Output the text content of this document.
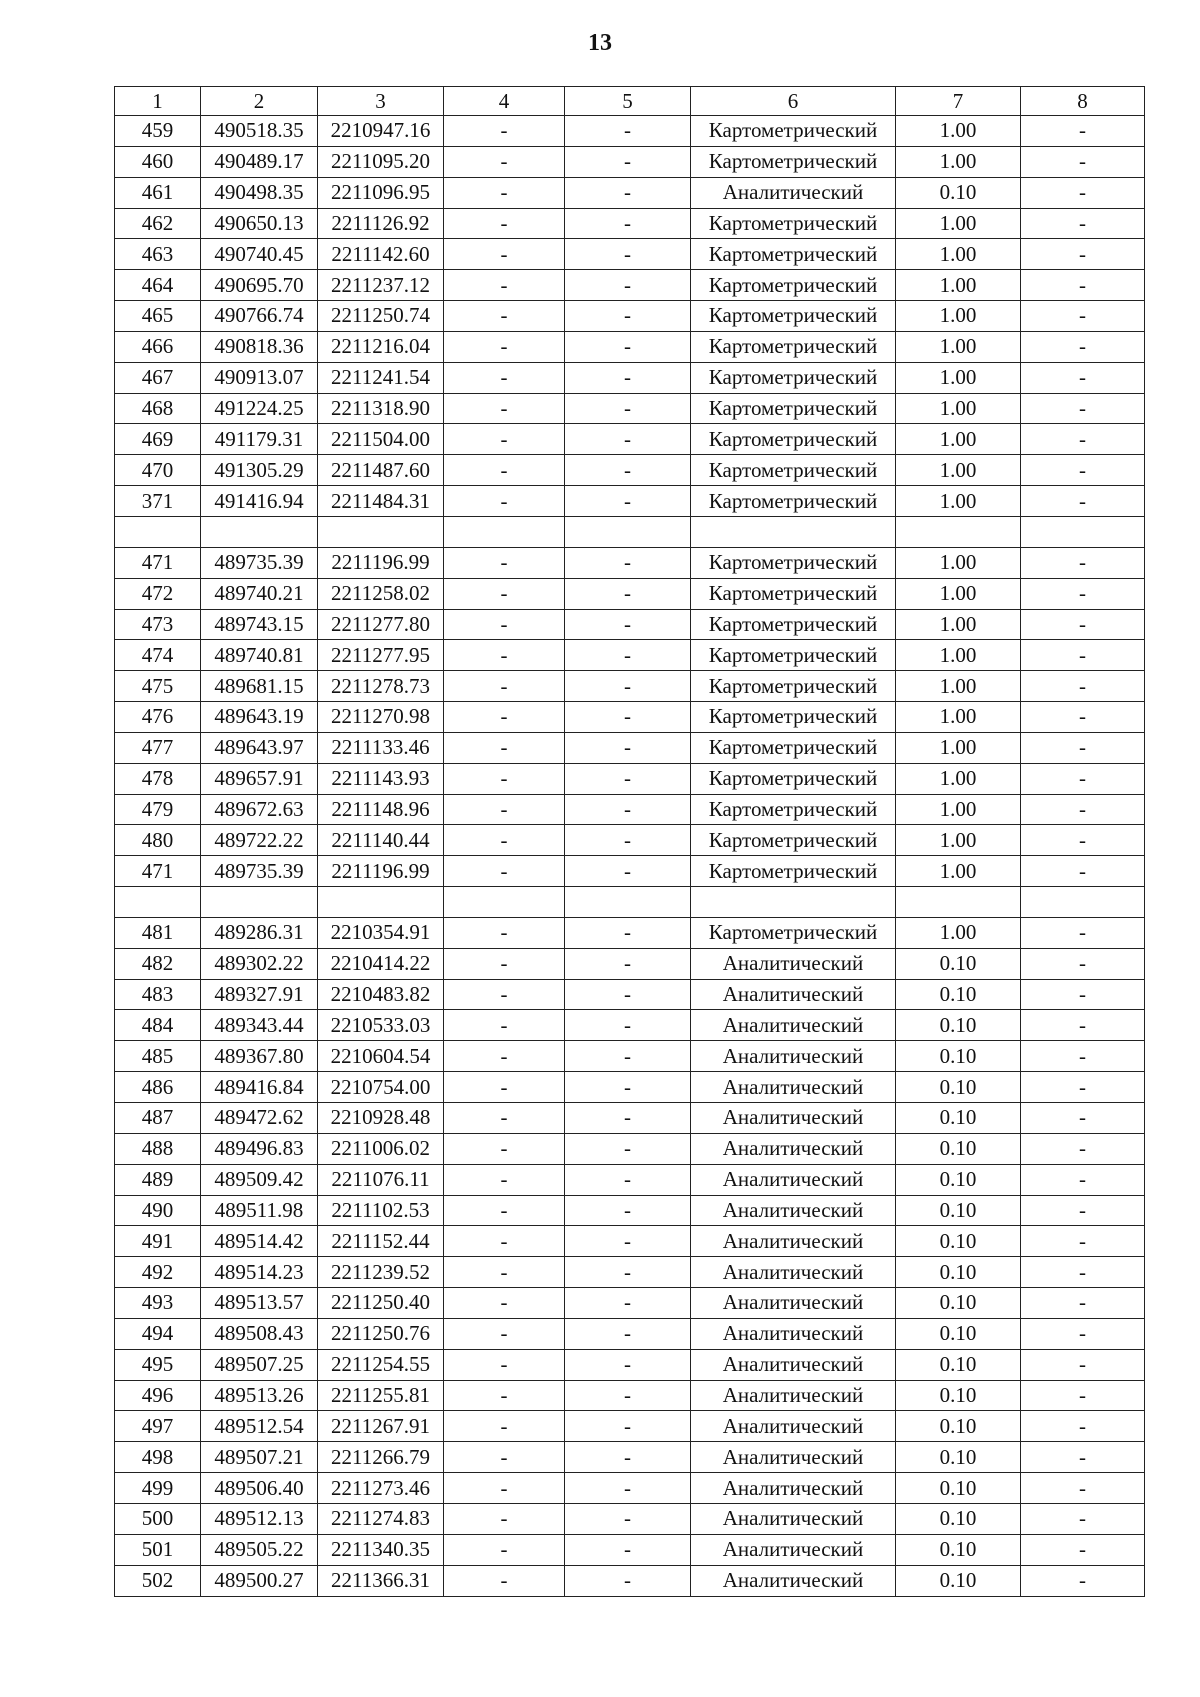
13
1	2	3	4	5	6	7	8
459	490518.35	2210947.16	-	-	Картометрический	1.00	-
460	490489.17	2211095.20	-	-	Картометрический	1.00	-
461	490498.35	2211096.95	-	-	Аналитический	0.10	-
462	490650.13	2211126.92	-	-	Картометрический	1.00	-
463	490740.45	2211142.60	-	-	Картометрический	1.00	-
464	490695.70	2211237.12	-	-	Картометрический	1.00	-
465	490766.74	2211250.74	-	-	Картометрический	1.00	-
466	490818.36	2211216.04	-	-	Картометрический	1.00	-
467	490913.07	2211241.54	-	-	Картометрический	1.00	-
468	491224.25	2211318.90	-	-	Картометрический	1.00	-
469	491179.31	2211504.00	-	-	Картометрический	1.00	-
470	491305.29	2211487.60	-	-	Картометрический	1.00	-
371	491416.94	2211484.31	-	-	Картометрический	1.00	-

471	489735.39	2211196.99	-	-	Картометрический	1.00	-
472	489740.21	2211258.02	-	-	Картометрический	1.00	-
473	489743.15	2211277.80	-	-	Картометрический	1.00	-
474	489740.81	2211277.95	-	-	Картометрический	1.00	-
475	489681.15	2211278.73	-	-	Картометрический	1.00	-
476	489643.19	2211270.98	-	-	Картометрический	1.00	-
477	489643.97	2211133.46	-	-	Картометрический	1.00	-
478	489657.91	2211143.93	-	-	Картометрический	1.00	-
479	489672.63	2211148.96	-	-	Картометрический	1.00	-
480	489722.22	2211140.44	-	-	Картометрический	1.00	-
471	489735.39	2211196.99	-	-	Картометрический	1.00	-

481	489286.31	2210354.91	-	-	Картометрический	1.00	-
482	489302.22	2210414.22	-	-	Аналитический	0.10	-
483	489327.91	2210483.82	-	-	Аналитический	0.10	-
484	489343.44	2210533.03	-	-	Аналитический	0.10	-
485	489367.80	2210604.54	-	-	Аналитический	0.10	-
486	489416.84	2210754.00	-	-	Аналитический	0.10	-
487	489472.62	2210928.48	-	-	Аналитический	0.10	-
488	489496.83	2211006.02	-	-	Аналитический	0.10	-
489	489509.42	2211076.11	-	-	Аналитический	0.10	-
490	489511.98	2211102.53	-	-	Аналитический	0.10	-
491	489514.42	2211152.44	-	-	Аналитический	0.10	-
492	489514.23	2211239.52	-	-	Аналитический	0.10	-
493	489513.57	2211250.40	-	-	Аналитический	0.10	-
494	489508.43	2211250.76	-	-	Аналитический	0.10	-
495	489507.25	2211254.55	-	-	Аналитический	0.10	-
496	489513.26	2211255.81	-	-	Аналитический	0.10	-
497	489512.54	2211267.91	-	-	Аналитический	0.10	-
498	489507.21	2211266.79	-	-	Аналитический	0.10	-
499	489506.40	2211273.46	-	-	Аналитический	0.10	-
500	489512.13	2211274.83	-	-	Аналитический	0.10	-
501	489505.22	2211340.35	-	-	Аналитический	0.10	-
502	489500.27	2211366.31	-	-	Аналитический	0.10	-
